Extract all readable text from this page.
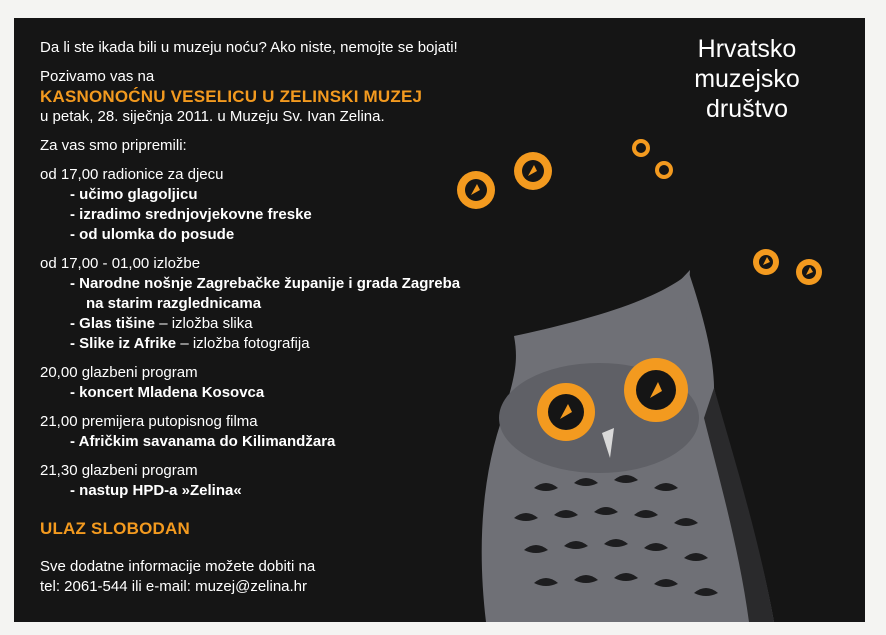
Hrvatsko
muzejsko
društvo
Da li ste ikada bili u muzeju noću? Ako niste, nemojte se bojati!
Pozivamo vas na
KASNONOĆNU VESELICU U ZELINSKI MUZEJ
u petak, 28. siječnja 2011. u Muzeju Sv. Ivan Zelina.
Za vas smo pripremili:
od 17,00 radionice za djecu
- učimo glagoljicu
- izradimo srednjovjekovne freske
- od ulomka do posude
od 17,00 - 01,00 izložbe
- Narodne nošnje Zagrebačke županije i grada Zagreba
na starim razglednicama
- Glas tišine – izložba slika
- Slike iz Afrike – izložba fotografija
20,00 glazbeni program
- koncert Mladena Kosovca
21,00 premijera putopisnog filma
- Afričkim savanama do Kilimandžara
21,30 glazbeni program
- nastup HPD-a »Zelina«
ULAZ SLOBODAN
Sve dodatne informacije možete dobiti na
tel: 2061-544 ili e-mail: muzej@zelina.hr
